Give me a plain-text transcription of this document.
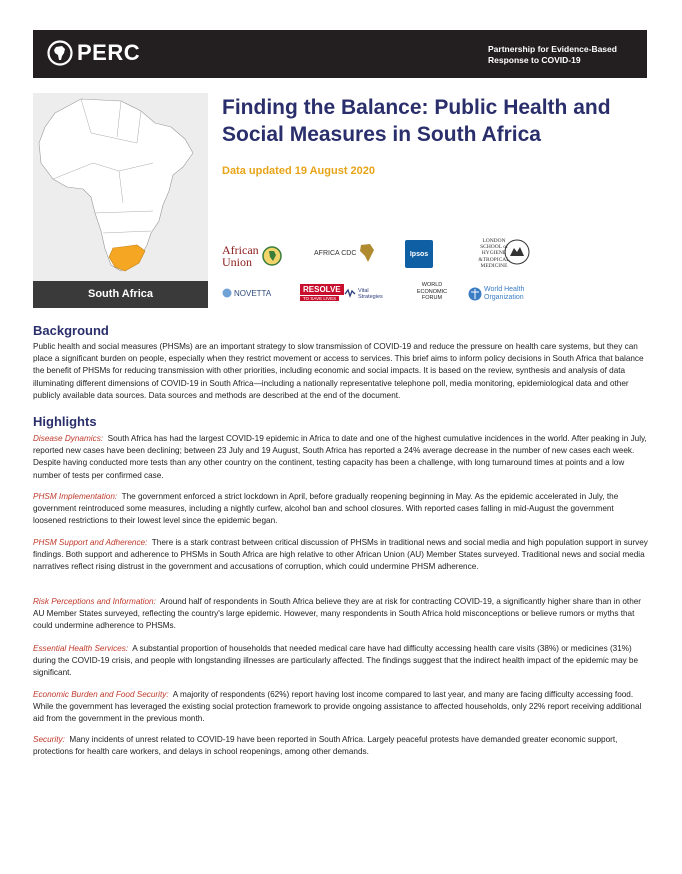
PERC	Partnership for Evidence-Based Response to COVID-19
South Africa
Finding the Balance: Public Health and Social Measures in South Africa
Data updated 19 August 2020
African
Union
AFRICA CDC	Ipsos
LONDON
SCHOOL of
HYGIENE
&TROPICAL
MEDICINE
NOVETTA	RESOLVE
TO SAVE LIVES
Vital
Strategies
WORLD
ECONOMIC
FORUM
World Health
Organization
Background
Public health and social measures (PHSMs) are an important strategy to slow transmission of COVID-19 and reduce the pressure on health care systems, but they can place a significant burden on people, especially when they restrict movement or access to services. This brief aims to inform policy decisions in South Africa that balance the benefit of PHSMs for reducing transmission with other priorities, including economic and social impacts. It is based on the review, synthesis and analysis of data illuminating different dimensions of COVID-19 in South Africa—including a nationally representative telephone poll, media monitoring, epidemiological data and other publicly available data sources. Data sources and methods are described at the end of the document.
Highlights
Disease Dynamics: South Africa has had the largest COVID-19 epidemic in Africa to date and one of the highest cumulative incidences in the world. After peaking in July, reported new cases have been declining; between 23 July and 19 August, South Africa has reported a 24% average decrease in the number of new cases each week. Despite having conducted more tests than any other country on the continent, testing capacity has been a challenge, with long turnaround times at points and a low number of tests per confirmed case.
PHSM Implementation: The government enforced a strict lockdown in April, before gradually reopening beginning in May. As the epidemic accelerated in July, the government reintroduced some measures, including a nightly curfew, alcohol ban and school closures. With reported cases falling in mid-August the government loosened restrictions to their lowest level since the epidemic began.
PHSM Support and Adherence: There is a stark contrast between critical discussion of PHSMs in traditional news and social media and high population support in survey findings. Both support and adherence to PHSMs in South Africa are high relative to other African Union (AU) Member States surveyed. Traditional news and social media narratives reflect rising distrust in the government and accusations of corruption, which could undermine PHSM adherence.
Risk Perceptions and Information: Around half of respondents in South Africa believe they are at risk for contracting COVID-19, a significantly higher share than in other AU Member States surveyed, reflecting the country's large epidemic. However, many respondents in South Africa hold misconceptions or believe rumors or myths that could undermine adherence to PHSMs.
Essential Health Services: A substantial proportion of households that needed medical care have had difficulty accessing health care visits (38%) or medicines (31%) during the COVID-19 crisis, and people with longstanding illnesses are particularly affected. The findings suggest that the indirect health impact of the epidemic may be significant.
Economic Burden and Food Security: A majority of respondents (62%) report having lost income compared to last year, and many are facing difficulty accessing food. While the government has leveraged the existing social protection framework to provide ongoing assistance to affected households, only 22% report receiving additional aid from the government in the previous month.
Security: Many incidents of unrest related to COVID-19 have been reported in South Africa. Largely peaceful protests have demanded greater economic support, protections for health care workers, and delays in school reopenings, among other demands.
